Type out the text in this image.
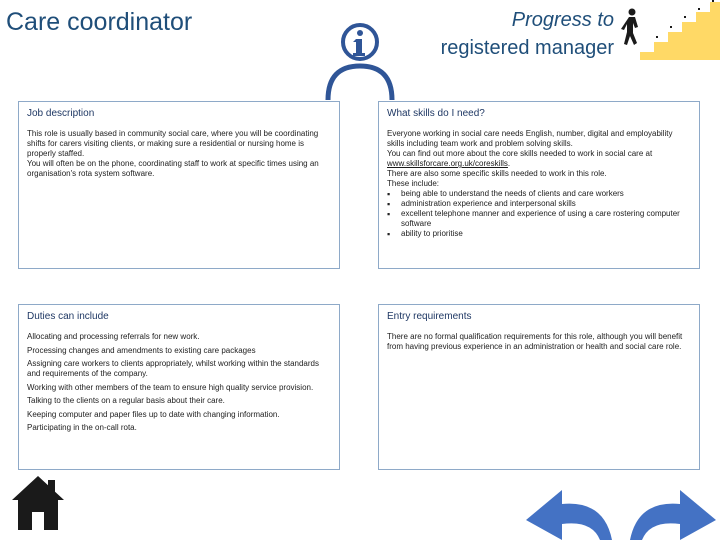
Care coordinator	Progress to
registered manager
Job description

This role is usually based in community social care, where you will be coordinating shifts for carers visiting clients, or making sure a residential or nursing home is properly staffed.

You will often be on the phone, coordinating staff to work at specific times using an organisation's rota system software.

What skills do I need?

Everyone working in social care needs English, number, digital and employability skills including team work and problem solving skills.

You can find out more about the core skills needed to work in social care at www.skillsforcare.org.uk/coreskills.

There are also some specific skills needed to work in this role.

These include:

▪ being able to understand the needs of clients and care workers
▪ administration experience and interpersonal skills
▪ excellent telephone manner and experience of using a care rostering computer software
▪ ability to prioritise
Duties can include

Allocating and processing referrals for new work.

Processing changes and amendments to existing care packages

Assigning care workers to clients appropriately, whilst working within the standards and requirements of the company.

Working with other members of the team to ensure high quality service provision.

Talking to the clients on a regular basis about their care.

Keeping computer and paper files up to date with changing information.

Participating in the on-call rota.

Entry requirements

There are no formal qualification requirements for this role, although you will benefit from having previous experience in an administration or health and social care role.
